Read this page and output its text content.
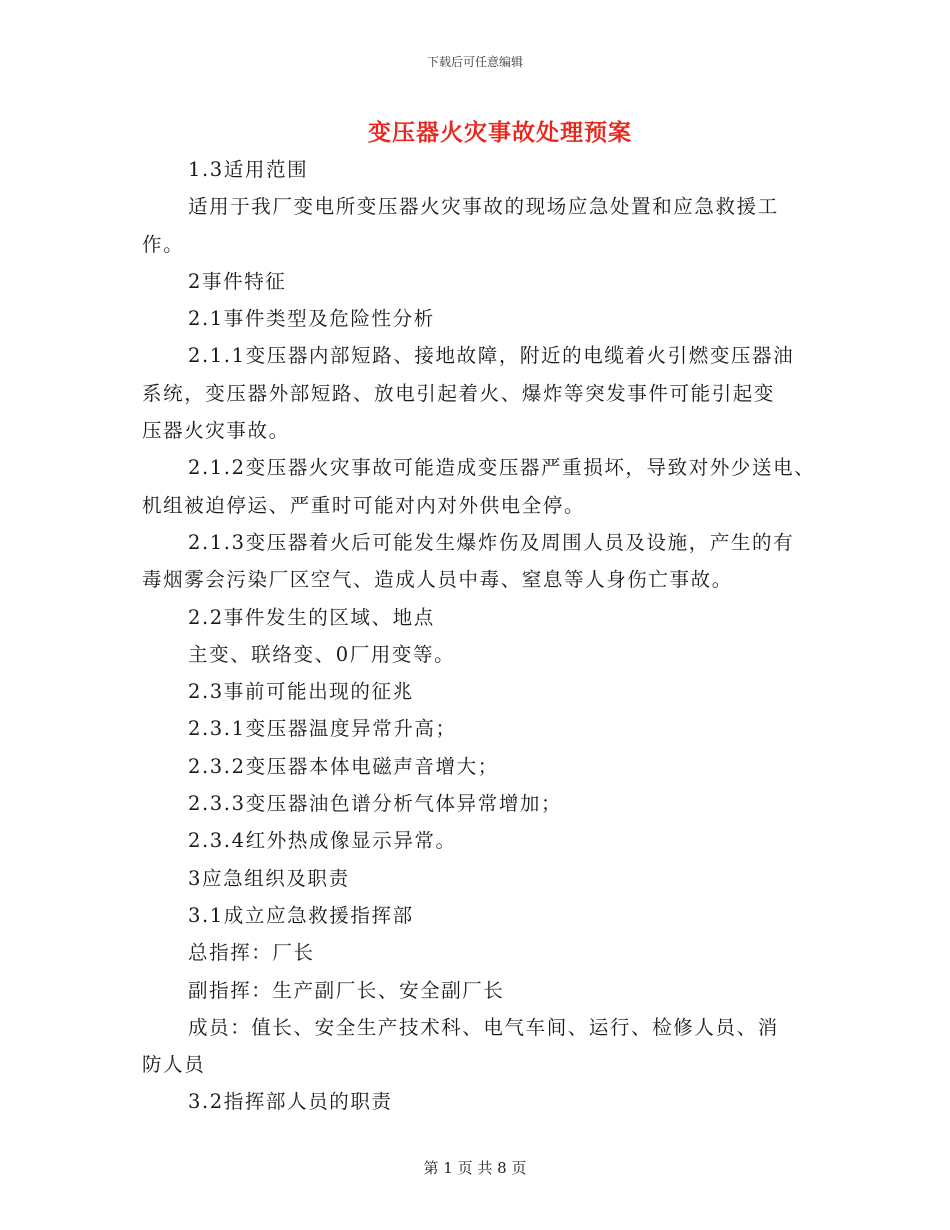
下载后可任意编辑
变压器火灾事故处理预案
1.3适用范围
适用于我厂变电所变压器火灾事故的现场应急处置和应急救援工
作。
2事件特征
2.1事件类型及危险性分析
2.1.1变压器内部短路、接地故障，附近的电缆着火引燃变压器油
系统，变压器外部短路、放电引起着火、爆炸等突发事件可能引起变
压器火灾事故。
2.1.2变压器火灾事故可能造成变压器严重损坏，导致对外少送电、
机组被迫停运、严重时可能对内对外供电全停。
2.1.3变压器着火后可能发生爆炸伤及周围人员及设施，产生的有
毒烟雾会污染厂区空气、造成人员中毒、窒息等人身伤亡事故。
2.2事件发生的区域、地点
主变、联络变、0厂用变等。
2.3事前可能出现的征兆
2.3.1变压器温度异常升高；
2.3.2变压器本体电磁声音增大；
2.3.3变压器油色谱分析气体异常增加；
2.3.4红外热成像显示异常。
3应急组织及职责
3.1成立应急救援指挥部
总指挥：厂长
副指挥：生产副厂长、安全副厂长
成员：值长、安全生产技术科、电气车间、运行、检修人员、消
防人员
3.2指挥部人员的职责
第 1 页 共 8 页
